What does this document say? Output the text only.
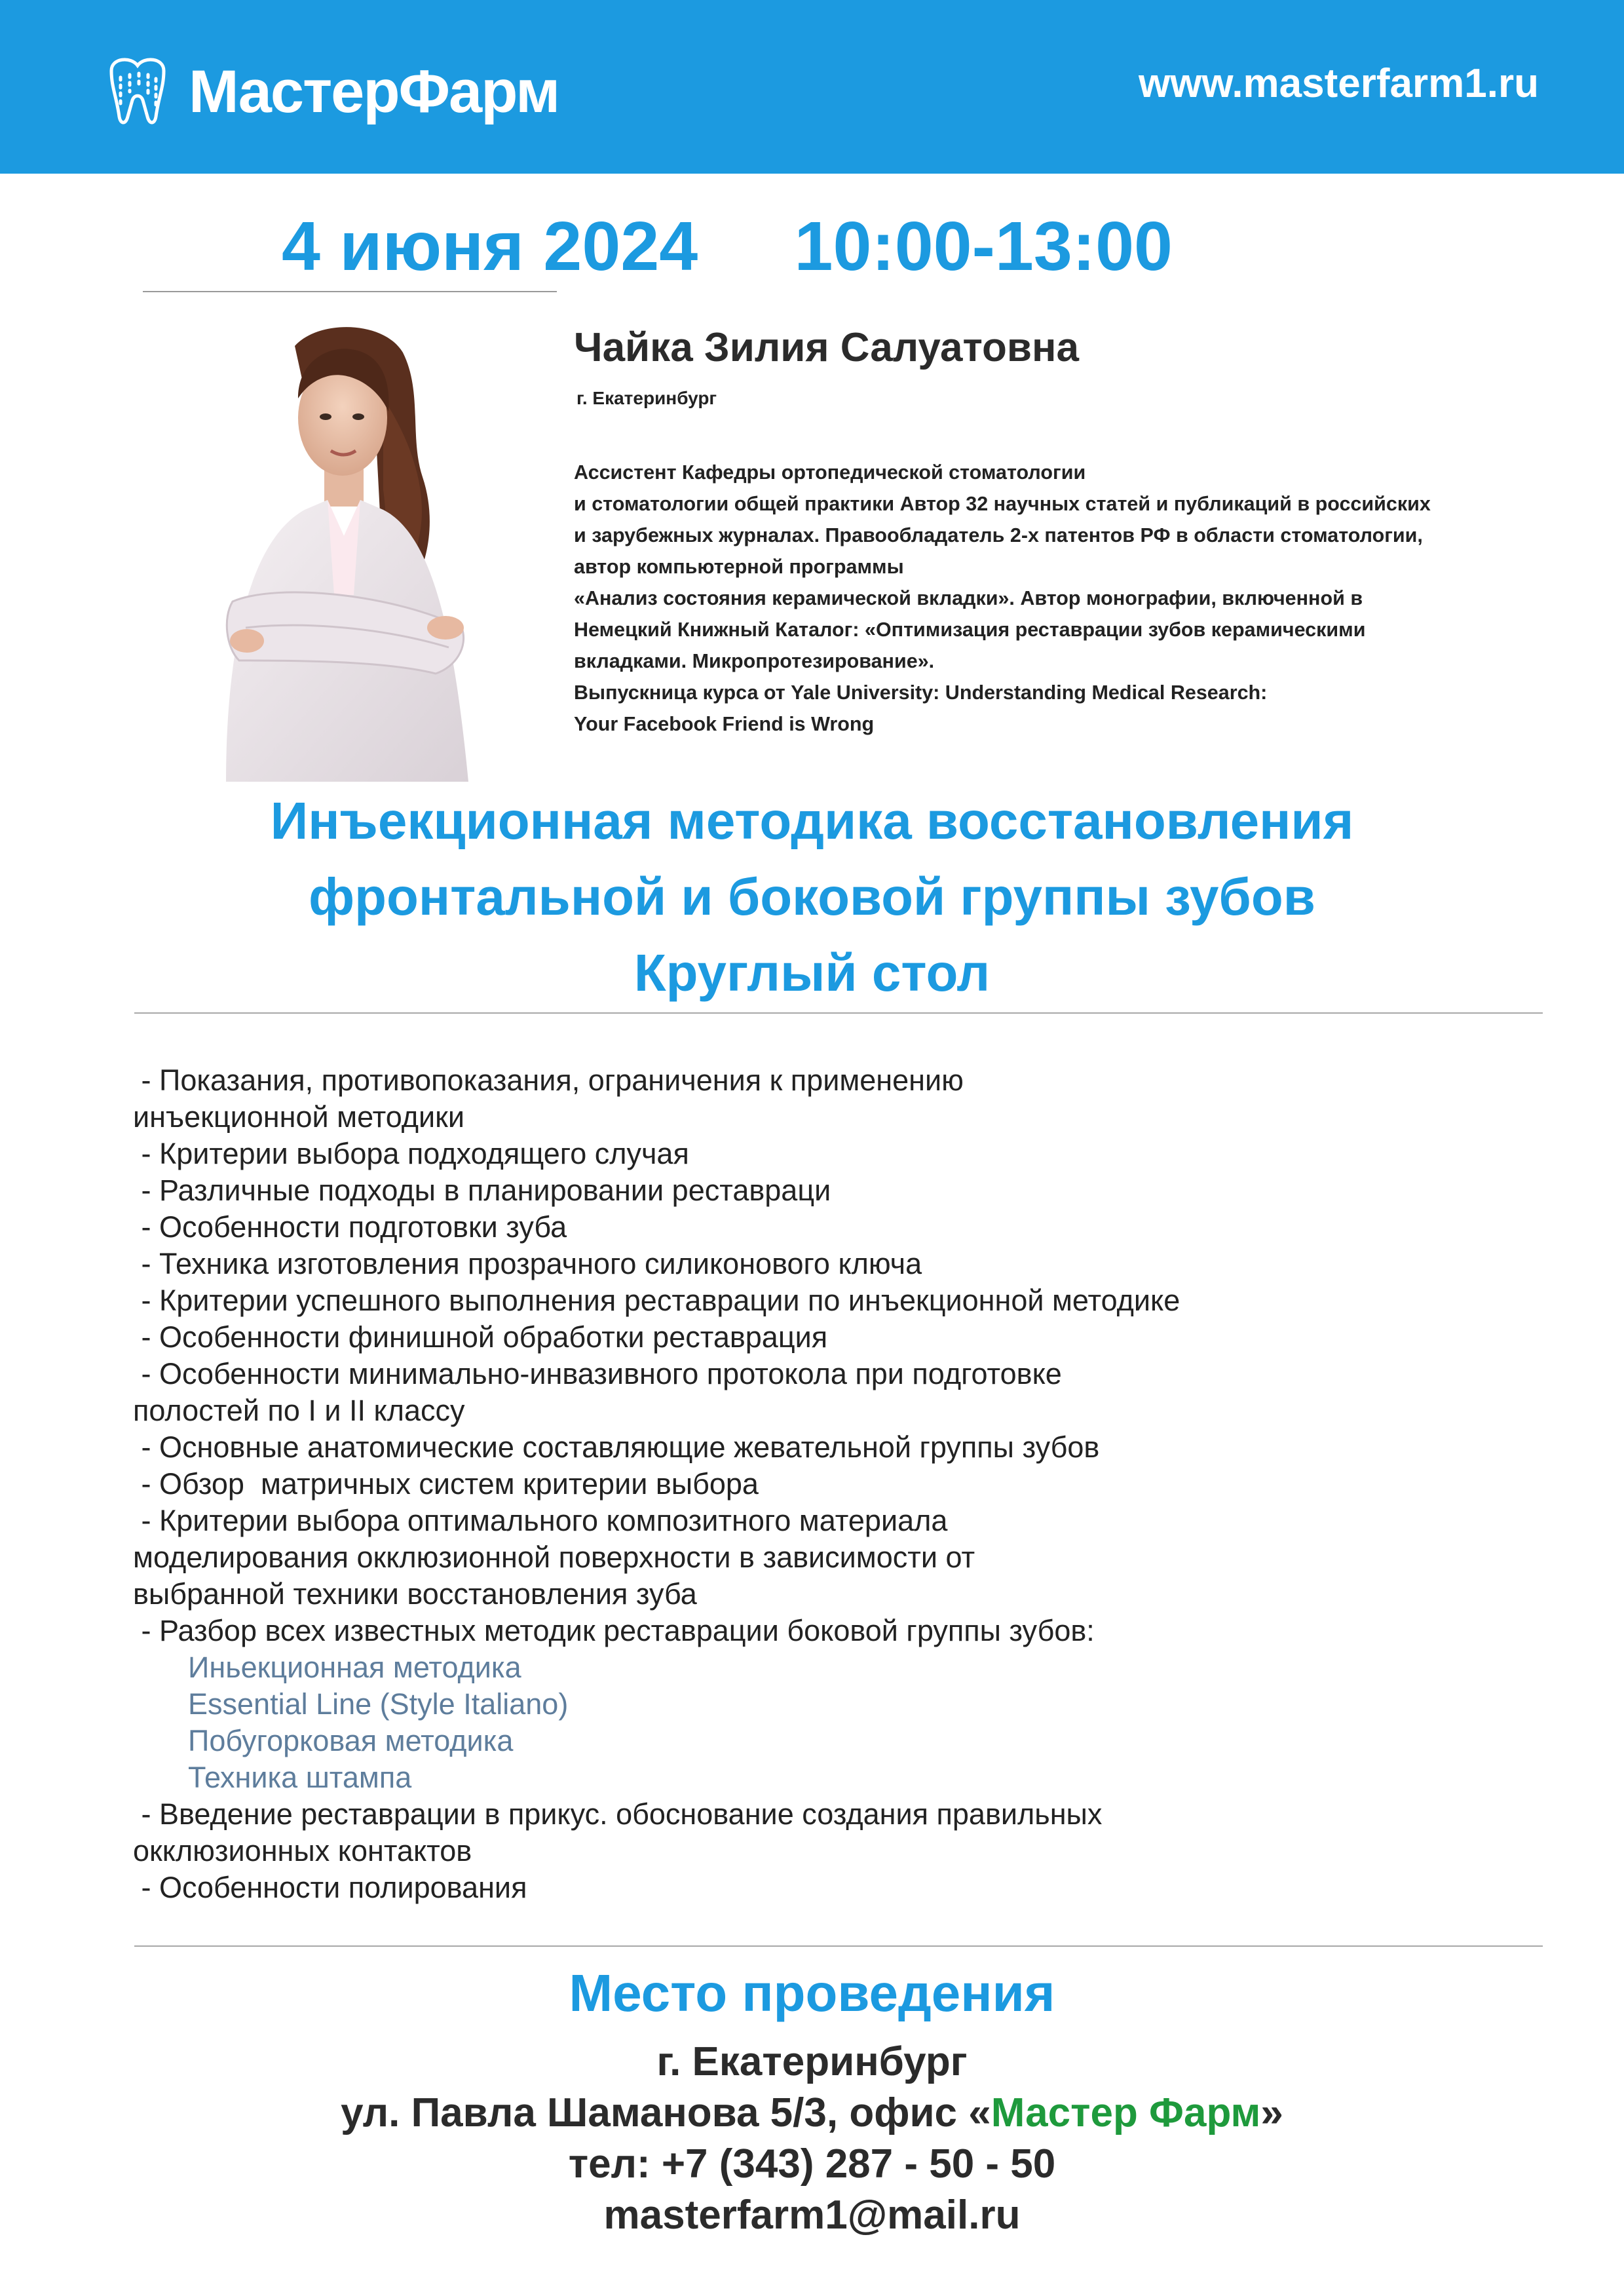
МастерФарм	www.masterfarm1.ru
4 июня 2024 10:00-13:00
Чайка Зилия Салуатовна
г. Екатеринбург
Ассистент Кафедры ортопедической стоматологии
и стоматологии общей практики Автор 32 научных статей и публикаций в российских
и зарубежных журналах. Правообладатель 2-х патентов РФ в области стоматологии,
автор компьютерной программы
«Анализ состояния керамической вкладки». Автор монографии, включенной в
Немецкий Книжный Каталог: «Оптимизация реставрации зубов керамическими
вкладками. Микропротезирование».
Выпускница курса от Yale University: Understanding Medical Research:
Your Facebook Friend is Wrong
Инъекционная методика восстановления
фронтальной и боковой группы зубов
Круглый стол
- Показания, противопоказания, ограничения к применению
инъекционной методики
- Критерии выбора подходящего случая
- Различные подходы в планировании реставраци
- Особенности подготовки зуба
- Техника изготовления прозрачного силиконового ключа
- Критерии успешного выполнения реставрации по инъекционной методике
- Особенности финишной обработки реставрация
- Особенности минимально-инвазивного протокола при подготовке
полостей по I и II классу
- Основные анатомические составляющие жевательной группы зубов
- Обзор  матричных систем критерии выбора
- Критерии выбора оптимального композитного материала
моделирования окклюзионной поверхности в зависимости от
выбранной техники восстановления зуба
- Разбор всех известных методик реставрации боковой группы зубов:
Иньекционная методика
Essential Line (Style Italiano)
Побугорковая методика
Техника штампа
- Введение реставрации в прикус. обоснование создания правильных
окклюзионных контактов
- Особенности полирования
Место проведения
г. Екатеринбург
ул. Павла Шаманова 5/3, офис «Мастер Фарм»
тел: +7 (343) 287 - 50 - 50
masterfarm1@mail.ru
